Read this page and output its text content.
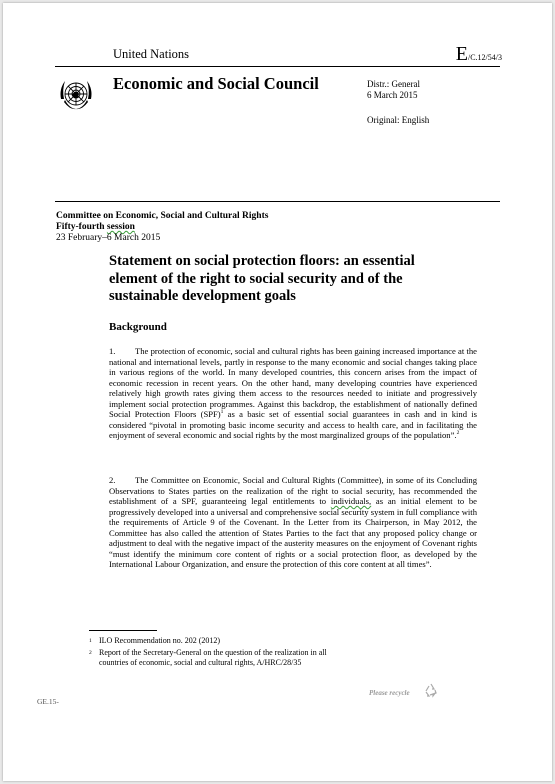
United Nations	E/C.12/54/3
Economic and Social Council	Distr.: General
6 March 2015
Original: English
Committee on Economic, Social and Cultural Rights
Fifty-fourth session
23 February–6 March 2015
Statement on social protection floors: an essential element of the right to social security and of the sustainable development goals
Background
1. The protection of economic, social and cultural rights has been gaining increased importance at the national and international levels, partly in response to the many economic and social changes taking place in various regions of the world. In many developed countries, this concern arises from the impact of economic recession in recent years. On the other hand, many developing countries have experienced relatively high growth rates giving them access to the resources needed to initiate and progressively implement social protection programmes. Against this backdrop, the establishment of nationally defined Social Protection Floors (SPF)$^1$ as a basic set of essential social guarantees in cash and in kind is considered “pivotal in promoting basic income security and access to health care, and in facilitating the enjoyment of several economic and social rights by the most marginalized groups of the population”.$^2$
2. The Committee on Economic, Social and Cultural Rights (Committee), in some of its Concluding Observations to States parties on the realization of the right to social security, has recommended the establishment of a SPF, guaranteeing legal entitlements to individuals, as an initial element to be progressively developed into a universal and comprehensive social security system in full compliance with the requirements of Article 9 of the Covenant. In the Letter from its Chairperson, in May 2012, the Committee has also called the attention of States Parties to the fact that any proposed policy change or adjustment to deal with the negative impact of the austerity measures on the enjoyment of Covenant rights “must identify the minimum core content of rights or a social protection floor, as developed by the International Labour Organization, and ensure the protection of this core content at all times”.
1 ILO Recommendation no. 202 (2012)
2 Report of the Secretary-General on the question of the realization in all countries of economic, social and cultural rights, A/HRC/28/35
GE.15-
Please recycle
